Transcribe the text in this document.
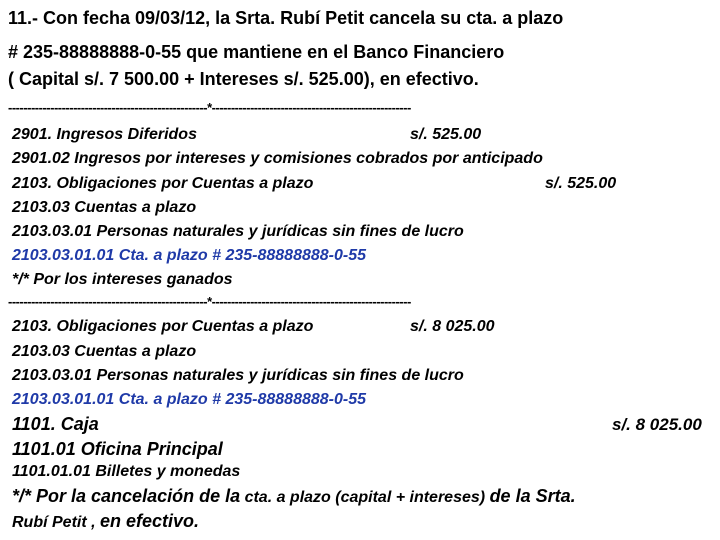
11.- Con fecha 09/03/12, la Srta. Rubí Petit cancela su cta. a plazo
# 235-88888888-0-55 que mantiene en el Banco Financiero
( Capital s/. 7 500.00 + Intereses s/. 525.00), en efectivo.
----------------------------------------------------*----------------------------------------------------
2901. Ingresos Diferidos	s/. 525.00
2901.02 Ingresos por intereses y comisiones cobrados por anticipado
2103. Obligaciones por Cuentas a plazo	s/. 525.00
2103.03 Cuentas a plazo
2103.03.01 Personas naturales y jurídicas sin fines de lucro
2103.03.01.01 Cta. a plazo # 235-88888888-0-55
*/* Por los intereses ganados
----------------------------------------------------*----------------------------------------------------
2103. Obligaciones por Cuentas a plazo	s/. 8 025.00
2103.03 Cuentas a plazo
2103.03.01 Personas naturales y jurídicas sin fines de lucro
2103.03.01.01 Cta. a plazo # 235-88888888-0-55
1101. Caja	s/. 8 025.00
1101.01 Oficina Principal
1101.01.01 Billetes y monedas
*/* Por la cancelación de la cta. a plazo (capital + intereses) de la Srta.
Rubí Petit , en efectivo.
